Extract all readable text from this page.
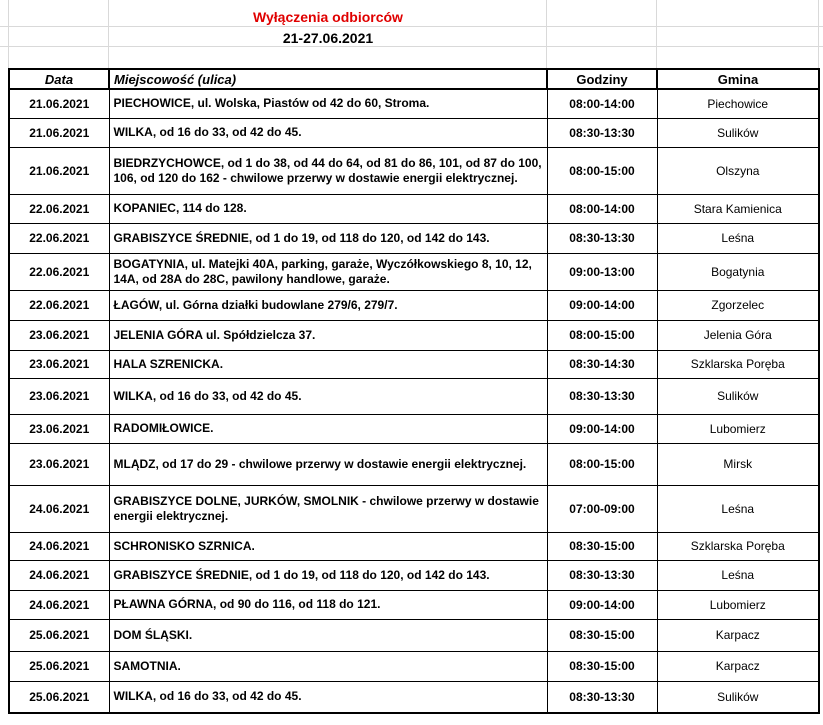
Wyłączenia odbiorców
21-27.06.2021
Data	Miejscowość (ulica)	Godziny	Gmina
21.06.2021	PIECHOWICE, ul. Wolska, Piastów od 42 do 60, Stroma.	08:00-14:00	Piechowice
21.06.2021	WILKA, od 16 do 33, od 42 do 45.	08:30-13:30	Sulików
21.06.2021	BIEDRZYCHOWCE, od 1 do 38, od 44 do 64, od 81 do 86, 101, od 87 do 100, 106, od 120 do 162 - chwilowe przerwy w dostawie energii elektrycznej.	08:00-15:00	Olszyna
22.06.2021	KOPANIEC, 114 do 128.	08:00-14:00	Stara Kamienica
22.06.2021	GRABISZYCE ŚREDNIE, od 1 do 19, od 118 do 120, od 142 do 143.	08:30-13:30	Leśna
22.06.2021	BOGATYNIA, ul. Matejki 40A, parking, garaże, Wyczółkowskiego 8, 10, 12, 14A, od 28A do 28C, pawilony handlowe, garaże.	09:00-13:00	Bogatynia
22.06.2021	ŁAGÓW, ul. Górna działki budowlane 279/6, 279/7.	09:00-14:00	Zgorzelec
23.06.2021	JELENIA GÓRA ul. Spółdzielcza 37.	08:00-15:00	Jelenia Góra
23.06.2021	HALA SZRENICKA.	08:30-14:30	Szklarska Poręba
23.06.2021	WILKA, od 16 do 33, od 42 do 45.	08:30-13:30	Sulików
23.06.2021	RADOMIŁOWICE.	09:00-14:00	Lubomierz
23.06.2021	MLĄDZ, od 17 do 29 - chwilowe przerwy w dostawie energii elektrycznej.	08:00-15:00	Mirsk
24.06.2021	GRABISZYCE DOLNE, JURKÓW, SMOLNIK - chwilowe przerwy w dostawie energii elektrycznej.	07:00-09:00	Leśna
24.06.2021	SCHRONISKO SZRNICA.	08:30-15:00	Szklarska Poręba
24.06.2021	GRABISZYCE ŚREDNIE, od 1 do 19, od 118 do 120, od 142 do 143.	08:30-13:30	Leśna
24.06.2021	PŁAWNA GÓRNA, od 90 do 116, od 118 do 121.	09:00-14:00	Lubomierz
25.06.2021	DOM ŚLĄSKI.	08:30-15:00	Karpacz
25.06.2021	SAMOTNIA.	08:30-15:00	Karpacz
25.06.2021	WILKA, od 16 do 33, od 42 do 45.	08:30-13:30	Sulików
